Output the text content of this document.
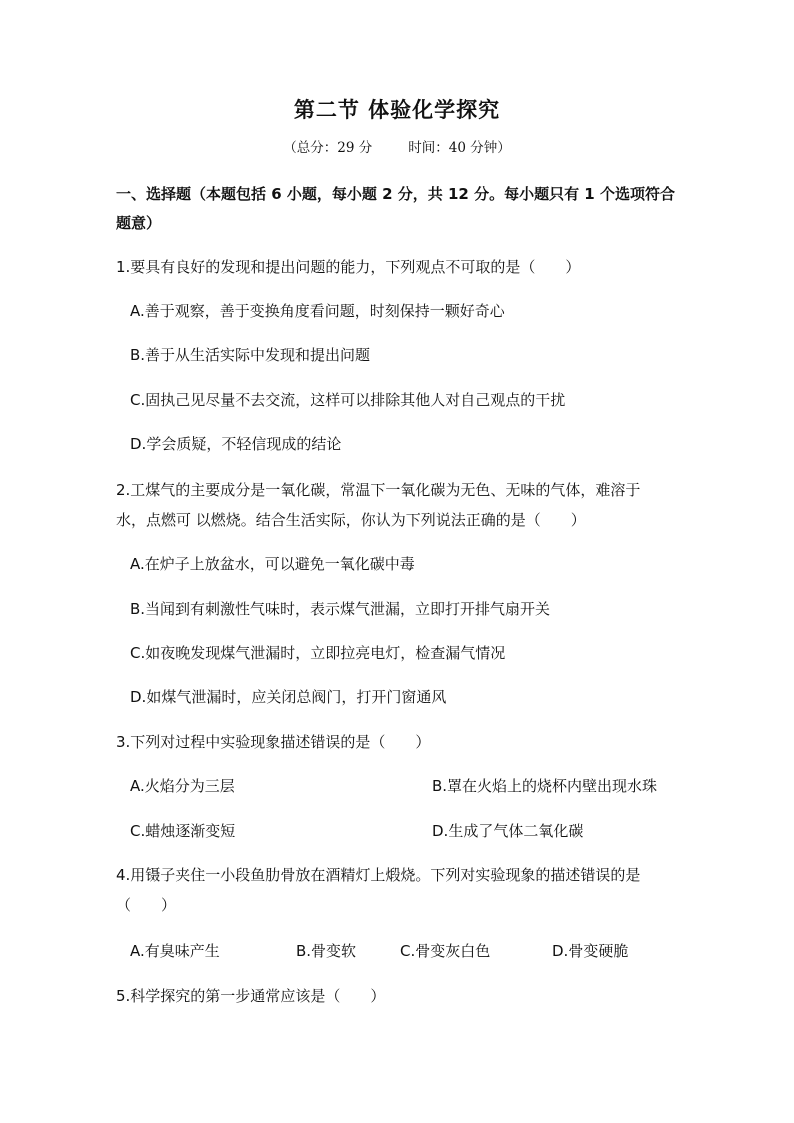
第二节 体验化学探究
（总分：29 分	时间：40 分钟）
一、选择题（本题包括 6 小题，每小题 2 分，共 12 分。每小题只有 1 个选项符合题意）
1.要具有良好的发现和提出问题的能力，下列观点不可取的是（　　）
A.善于观察，善于变换角度看问题，时刻保持一颗好奇心
B.善于从生活实际中发现和提出问题
C.固执己见尽量不去交流，这样可以排除其他人对自己观点的干扰
D.学会质疑，不轻信现成的结论
2.工煤气的主要成分是一氧化碳，常温下一氧化碳为无色、无味的气体，难溶于
水，点燃可 以燃烧。结合生活实际，你认为下列说法正确的是（　　）
A.在炉子上放盆水，可以避免一氧化碳中毒
B.当闻到有刺激性气味时，表示煤气泄漏，立即打开排气扇开关
C.如夜晚发现煤气泄漏时，立即拉亮电灯，检查漏气情况
D.如煤气泄漏时，应关闭总阀门，打开门窗通风
3.下列对过程中实验现象描述错误的是（　　）
A.火焰分为三层	B.罩在火焰上的烧杯内壁出现水珠
C.蜡烛逐渐变短	D.生成了气体二氧化碳
4.用镊子夹住一小段鱼肋骨放在酒精灯上煅烧。下列对实验现象的描述错误的是
（　　）
A.有臭味产生	B.骨变软	C.骨变灰白色	D.骨变硬脆
5.科学探究的第一步通常应该是（　　）
